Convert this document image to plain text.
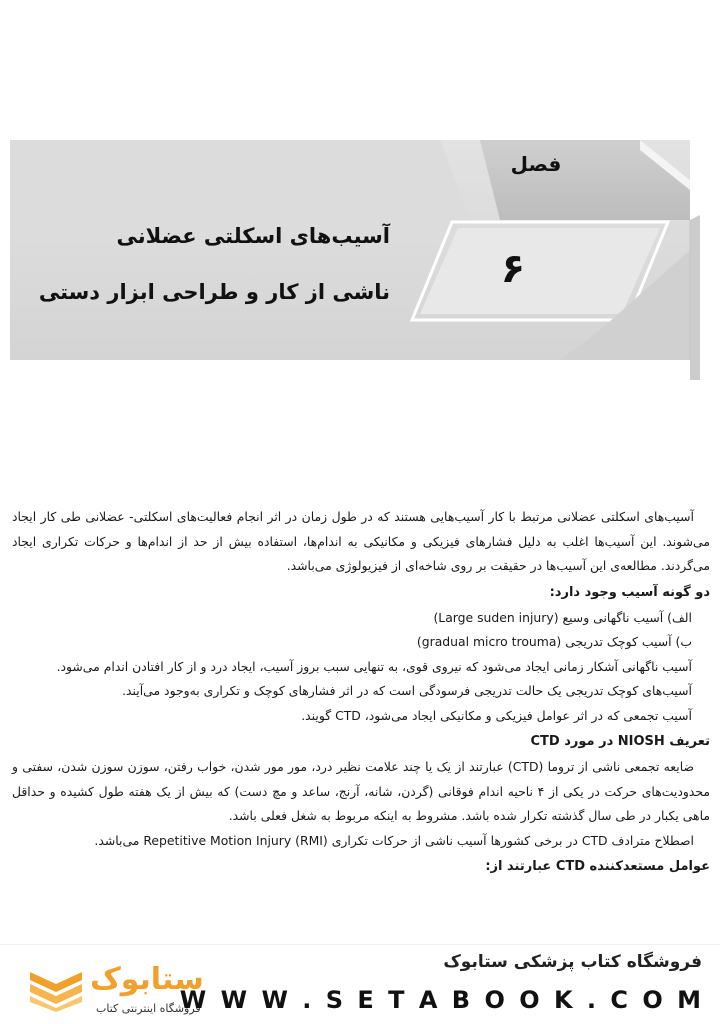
فصل
۶
آسیب‌های اسکلتی عضلانی
ناشی از کار و طراحی ابزار دستی

آسیب‌های اسکلتی عضلانی مرتبط با کار آسیب‌هایی هستند که در طول زمان در اثر انجام فعالیت‌های اسکلتی- عضلانی طی کار ایجاد می‌شوند. این آسیب‌ها اغلب به دلیل فشارهای فیزیکی و مکانیکی به اندام‌ها، استفاده بیش از حد از اندام‌ها و حرکات تکراری ایجاد می‌گردند. مطالعه‌ی این آسیب‌ها در حقیقت بر روی شاخه‌ای از فیزیولوژی می‌باشد.

دو گونه آسیب وجود دارد:

الف) آسیب ناگهانی وسیع (Large suden injury)

ب) آسیب کوچک تدریجی (gradual micro trouma)

آسیب ناگهانی آشکار زمانی ایجاد می‌شود که نیروی قوی، به تنهایی سبب بروز آسیب، ایجاد درد و از کار افتادن اندام می‌شود.

آسیب‌های کوچک تدریجی یک حالت تدریجی فرسودگی است که در اثر فشارهای کوچک و تکراری به‌وجود می‌آیند.

آسیب تجمعی که در اثر عوامل فیزیکی و مکانیکی ایجاد می‌شود، CTD گویند.

تعریف NIOSH در مورد CTD

ضایعه تجمعی ناشی از تروما (CTD) عبارتند از یک یا چند علامت نظیر درد، مور مور شدن، خواب رفتن، سوزن سوزن شدن، سفتی و محدودیت‌های حرکت در یکی از ۴ ناحیه اندام فوقانی (گردن، شانه، آرنج، ساعد و مچ دست) که بیش از یک هفته طول کشیده و حداقل ماهی یکبار در طی سال گذشته تکرار شده باشد. مشروط به اینکه مربوط به شغل فعلی باشد.

اصطلاح مترادف CTD در برخی کشورها آسیب ناشی از حرکات تکراری (Repetitive Motion Injury (RMI می‌باشد.

عوامل مستعدکننده CTD عبارتند از:
ستابوک
فروشگاه اینترنتی کتاب
فروشگاه کتاب پزشکی ستابوک
W W W . S E T A B O O K . C O M
